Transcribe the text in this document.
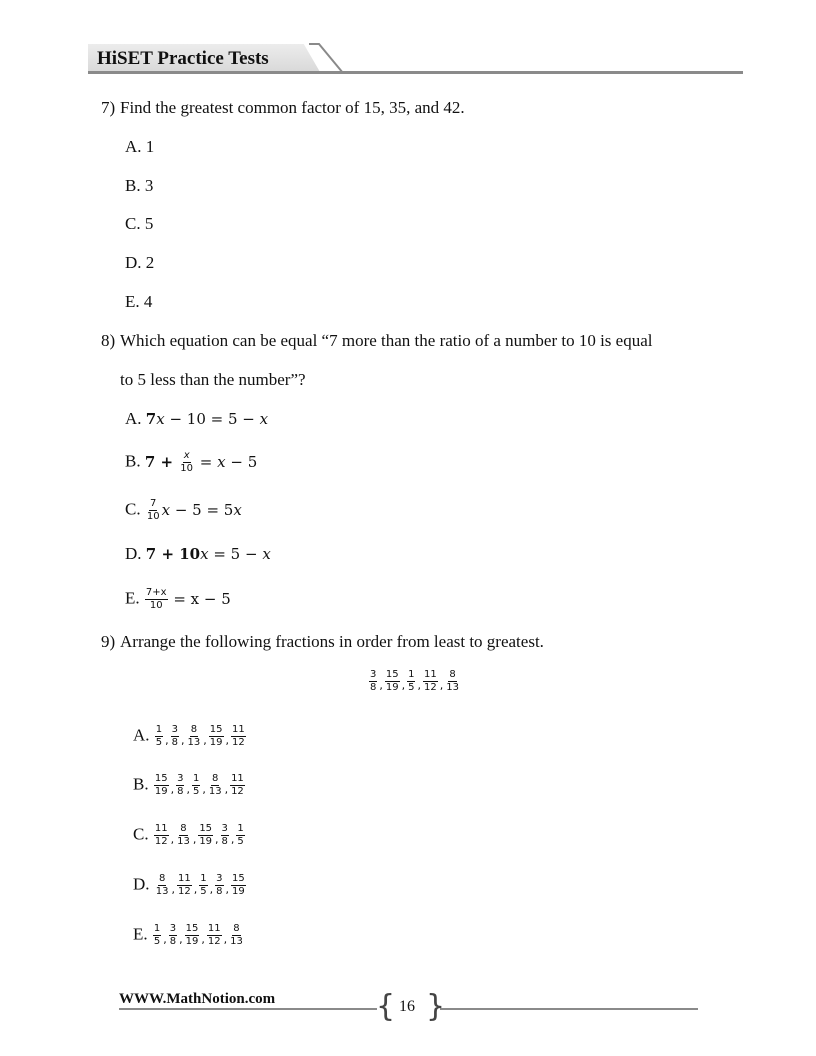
HiSET Practice Tests
7) Find the greatest common factor of 15, 35, and 42.
A. 1
B. 3
C. 5
D. 2
E. 4
8) Which equation can be equal “7 more than the ratio of a number to 10 is equal
to 5 less than the number”?
A. 7x − 10 = 5 − x
B. $7 + \frac{x}{10} = x - 5$
C. $\frac{7}{10}$ x − 5 = 5x
D. 7 + 10x = 5 − x
E. $\frac{7+x}{10} = x - 5$
9) Arrange the following fractions in order from least to greatest.
$\frac{3}{8} _, \frac{15}{19} _, \frac{1}{5} _, \frac{11}{12} _, \frac{8}{13}$
A. $\frac{1}{5} _, \frac{3}{8} _, \frac{8}{13} _, \frac{15}{19} _, \frac{11}{12}$
B. $\frac{15}{19} _, \frac{3}{8} _, \frac{1}{5} _, \frac{8}{13} _, \frac{11}{12}$
C. $\frac{11}{12} _, \frac{8}{13} _, \frac{15}{19} _, \frac{3}{8} _, \frac{1}{5}$
D. $\frac{8}{13} _, \frac{11}{12} _, \frac{1}{5} _, \frac{3}{8} _, \frac{15}{19}$
E. $\frac{1}{5} _, \frac{3}{8} _, \frac{15}{19} _, \frac{11}{12} _, \frac{8}{13}$
WWW.MathNotion.com	{ }
16
